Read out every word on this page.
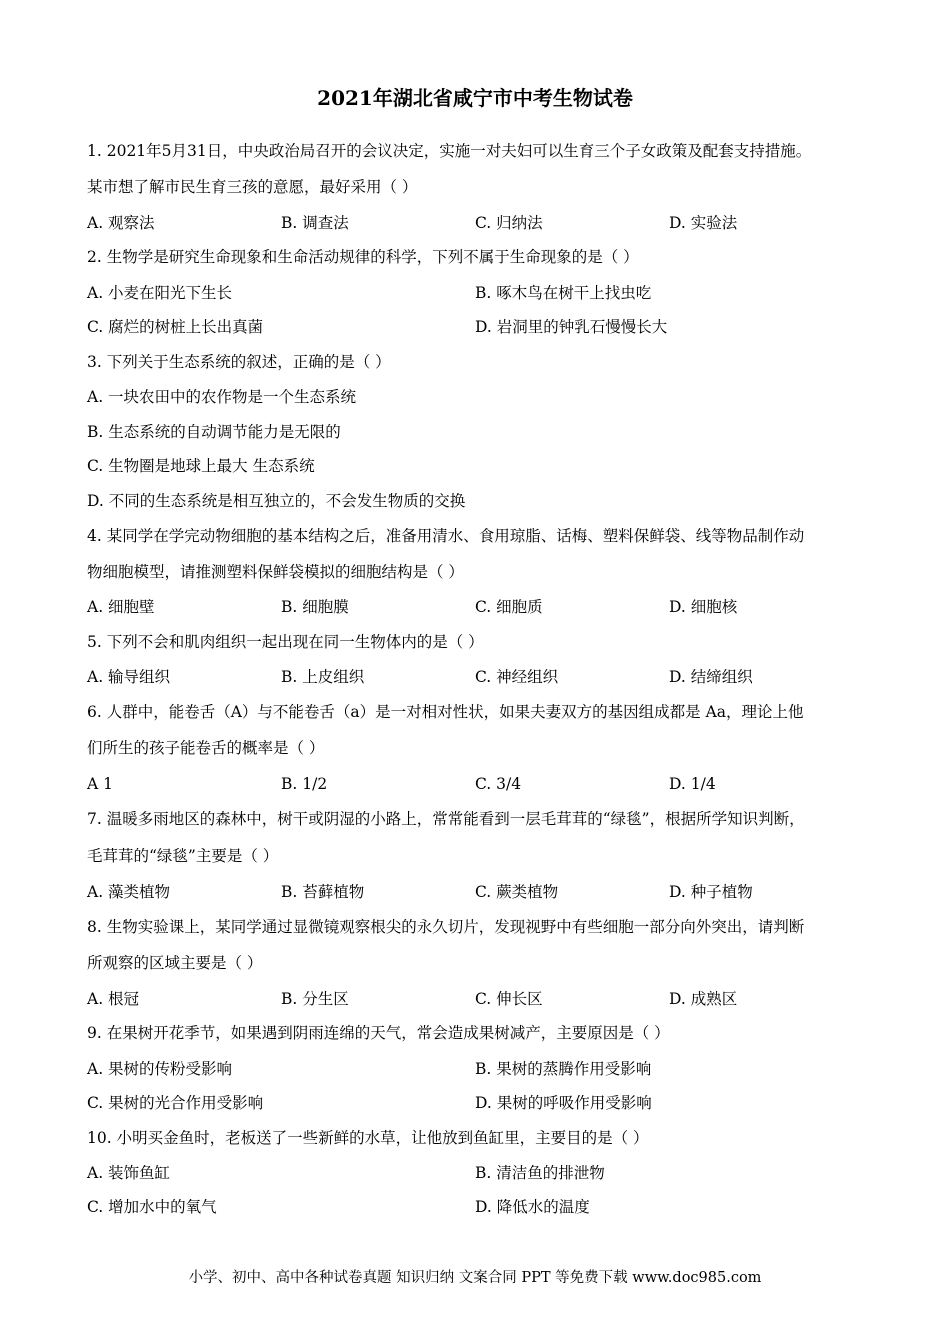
2021年湖北省咸宁市中考生物试卷
1. 2021年5月31日，中央政治局召开的会议决定，实施一对夫妇可以生育三个子女政策及配套支持措施。
某市想了解市民生育三孩的意愿，最好采用（ ）
A. 观察法	B. 调查法	C. 归纳法	D. 实验法
2. 生物学是研究生命现象和生命活动规律的科学，下列不属于生命现象的是（ ）
A. 小麦在阳光下生长	B. 啄木鸟在树干上找虫吃
C. 腐烂的树桩上长出真菌	D. 岩洞里的钟乳石慢慢长大
3. 下列关于生态系统的叙述，正确的是（ ）
A. 一块农田中的农作物是一个生态系统
B. 生态系统的自动调节能力是无限的
C. 生物圈是地球上最大 生态系统
D. 不同的生态系统是相互独立的，不会发生物质的交换
4. 某同学在学完动物细胞的基本结构之后，准备用清水、食用琼脂、话梅、塑料保鲜袋、线等物品制作动
物细胞模型，请推测塑料保鲜袋模拟的细胞结构是（ ）
A. 细胞壁	B. 细胞膜	C. 细胞质	D. 细胞核
5. 下列不会和肌肉组织一起出现在同一生物体内的是（ ）
A. 输导组织	B. 上皮组织	C. 神经组织	D. 结缔组织
6. 人群中，能卷舌（A）与不能卷舌（a）是一对相对性状，如果夫妻双方的基因组成都是 Aa，理论上他
们所生的孩子能卷舌的概率是（ ）
A 1	B. 1/2	C. 3/4	D. 1/4
7. 温暖多雨地区的森林中，树干或阴湿的小路上，常常能看到一层毛茸茸的“绿毯”，根据所学知识判断，
毛茸茸的“绿毯”主要是（ ）
A. 藻类植物	B. 苔藓植物	C. 蕨类植物	D. 种子植物
8. 生物实验课上，某同学通过显微镜观察根尖的永久切片，发现视野中有些细胞一部分向外突出，请判断
所观察的区域主要是（ ）
A. 根冠	B. 分生区	C. 伸长区	D. 成熟区
9. 在果树开花季节，如果遇到阴雨连绵的天气，常会造成果树减产，主要原因是（ ）
A. 果树的传粉受影响	B. 果树的蒸腾作用受影响
C. 果树的光合作用受影响	D. 果树的呼吸作用受影响
10. 小明买金鱼时，老板送了一些新鲜的水草，让他放到鱼缸里，主要目的是（ ）
A. 装饰鱼缸	B. 清洁鱼的排泄物
C. 增加水中的氧气	D. 降低水的温度
小学、初中、高中各种试卷真题 知识归纳 文案合同 PPT 等免费下载 www.doc985.com
